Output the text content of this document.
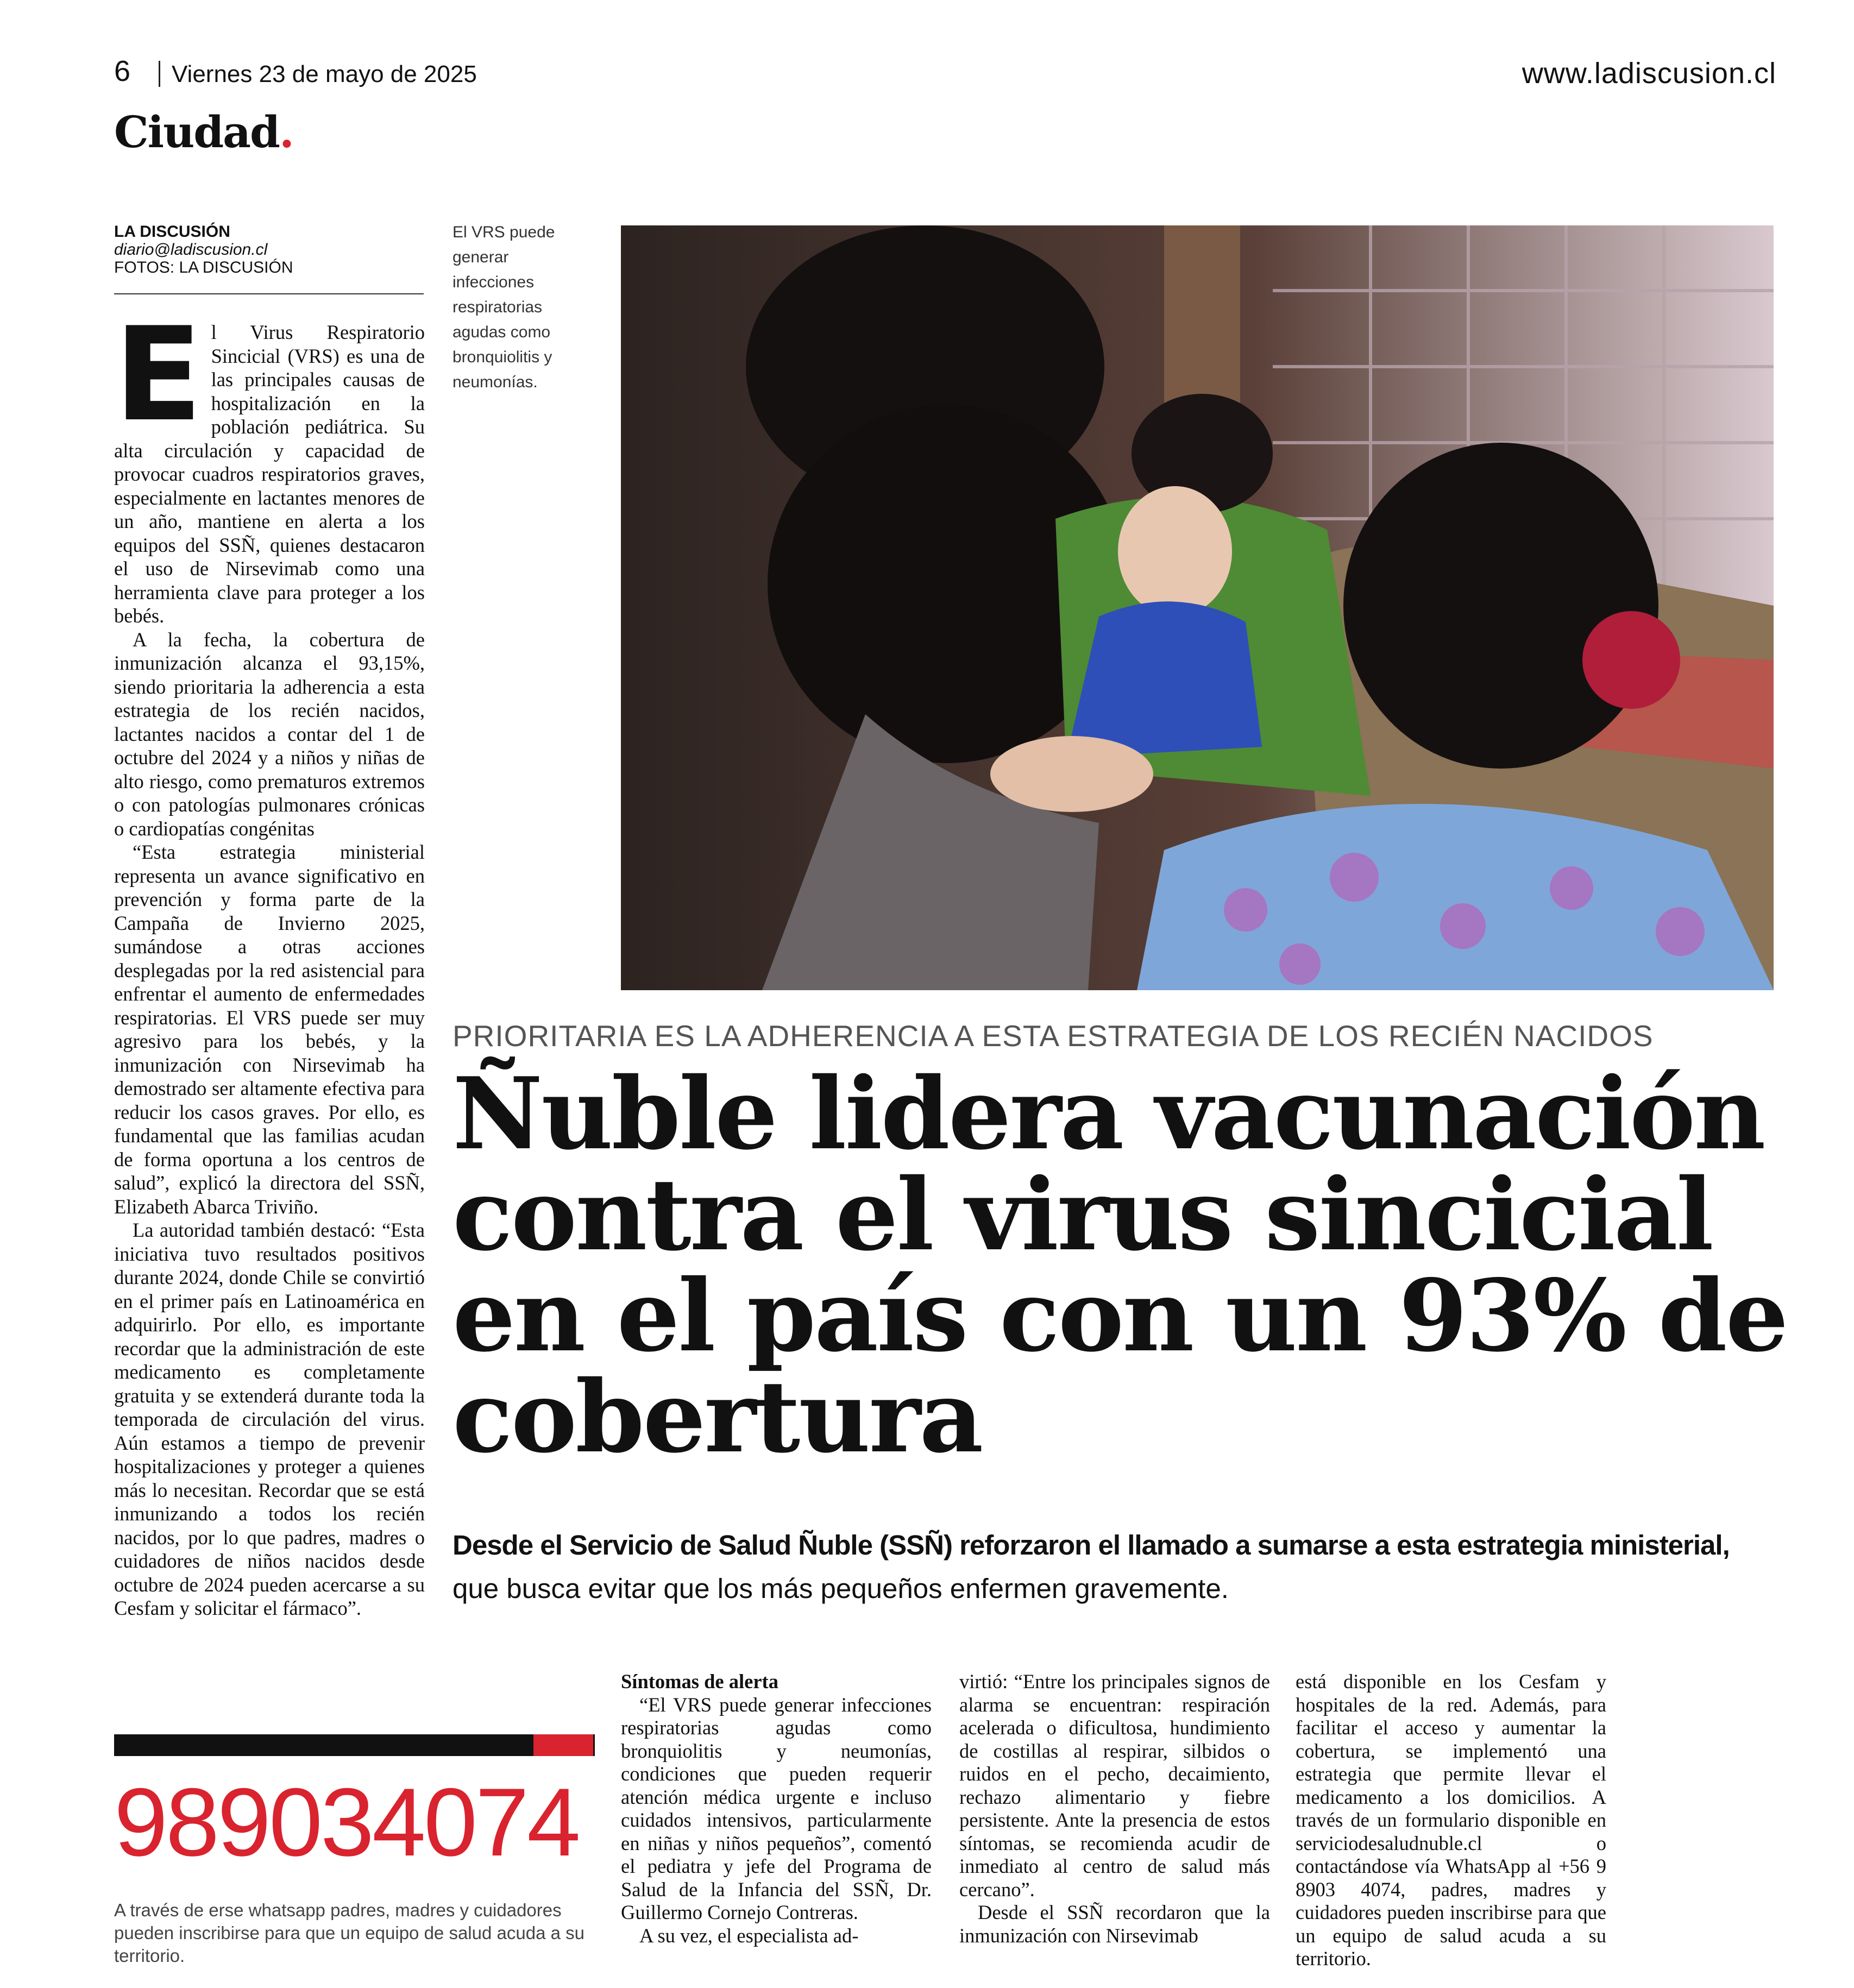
6 Viernes 23 de mayo de 2025	www.ladiscusion.cl
Ciudad.
LA DISCUSIÓN
diario@ladiscusion.cl
FOTOS: LA DISCUSIÓN
El VRS puede generar infecciones respiratorias agudas como bronquiolitis y neumonías.
E l Virus Respiratorio Sincicial (VRS) es una de las principales causas de hospitalización en la población pediátrica. Su alta circulación y capacidad de provocar cuadros respiratorios graves, especialmente en lactantes menores de un año, mantiene en alerta a los equipos del SSÑ, quienes destacaron el uso de Nirsevimab como una herramienta clave para proteger a los bebés.

A la fecha, la cobertura de inmunización alcanza el 93,15%, siendo prioritaria la adherencia a esta estrategia de los recién nacidos, lactantes nacidos a contar del 1 de octubre del 2024 y a niños y niñas de alto riesgo, como prematuros extremos o con patologías pulmonares crónicas o cardiopatías congénitas

“Esta estrategia ministerial representa un avance significativo en prevención y forma parte de la Campaña de Invierno 2025, sumándose a otras acciones desplegadas por la red asistencial para enfrentar el aumento de enfermedades respiratorias. El VRS puede ser muy agresivo para los bebés, y la inmunización con Nirsevimab ha demostrado ser altamente efectiva para reducir los casos graves. Por ello, es fundamental que las familias acudan de forma oportuna a los centros de salud”, explicó la directora del SSÑ, Elizabeth Abarca Triviño.

La autoridad también destacó: “Esta iniciativa tuvo resultados positivos durante 2024, donde Chile se convirtió en el primer país en Latinoamérica en adquirirlo. Por ello, es importante recordar que la administración de este medicamento es completamente gratuita y se extenderá durante toda la temporada de circulación del virus. Aún estamos a tiempo de prevenir hospitalizaciones y proteger a quienes más lo necesitan. Recordar que se está inmunizando a todos los recién nacidos, por lo que padres, madres o cuidadores de niños nacidos desde octubre de 2024 pueden acercarse a su Cesfam y solicitar el fármaco”.

PRIORITARIA ES LA ADHERENCIA A ESTA ESTRATEGIA DE LOS RECIÉN NACIDOS
Ñuble lidera vacunación contra el virus sincicial en el país con un 93% de cobertura
Desde el Servicio de Salud Ñuble (SSÑ) reforzaron el llamado a sumarse a esta estrategia ministerial, que busca evitar que los más pequeños enfermen gravemente.

Síntomas de alerta

“El VRS puede generar infecciones respiratorias agudas como bronquiolitis y neumonías, condiciones que pueden requerir atención médica urgente e incluso cuidados intensivos, particularmente en niñas y niños pequeños”, comentó el pediatra y jefe del Programa de Salud de la Infancia del SSÑ, Dr. Guillermo Cornejo Contreras.

A su vez, el especialista ad-

virtió: “Entre los principales signos de alarma se encuentran: respiración acelerada o dificultosa, hundimiento de costillas al respirar, silbidos o ruidos en el pecho, decaimiento, rechazo alimentario y fiebre persistente. Ante la presencia de estos síntomas, se recomienda acudir de inmediato al centro de salud más cercano”.

Desde el SSÑ recordaron que la inmunización con Nirsevimab

está disponible en los Cesfam y hospitales de la red. Además, para facilitar el acceso y aumentar la cobertura, se implementó una estrategia que permite llevar el medicamento a los domicilios. A través de un formulario disponible en serviciodesaludnuble.cl o contactándose vía WhatsApp al +56 9 8903 4074, padres, madres y cuidadores pueden inscribirse para que un equipo de salud acuda a su territorio.

989034074
A través de erse whatsapp padres, madres y cuidadores pueden inscribirse para que un equipo de salud acuda a su territorio.
